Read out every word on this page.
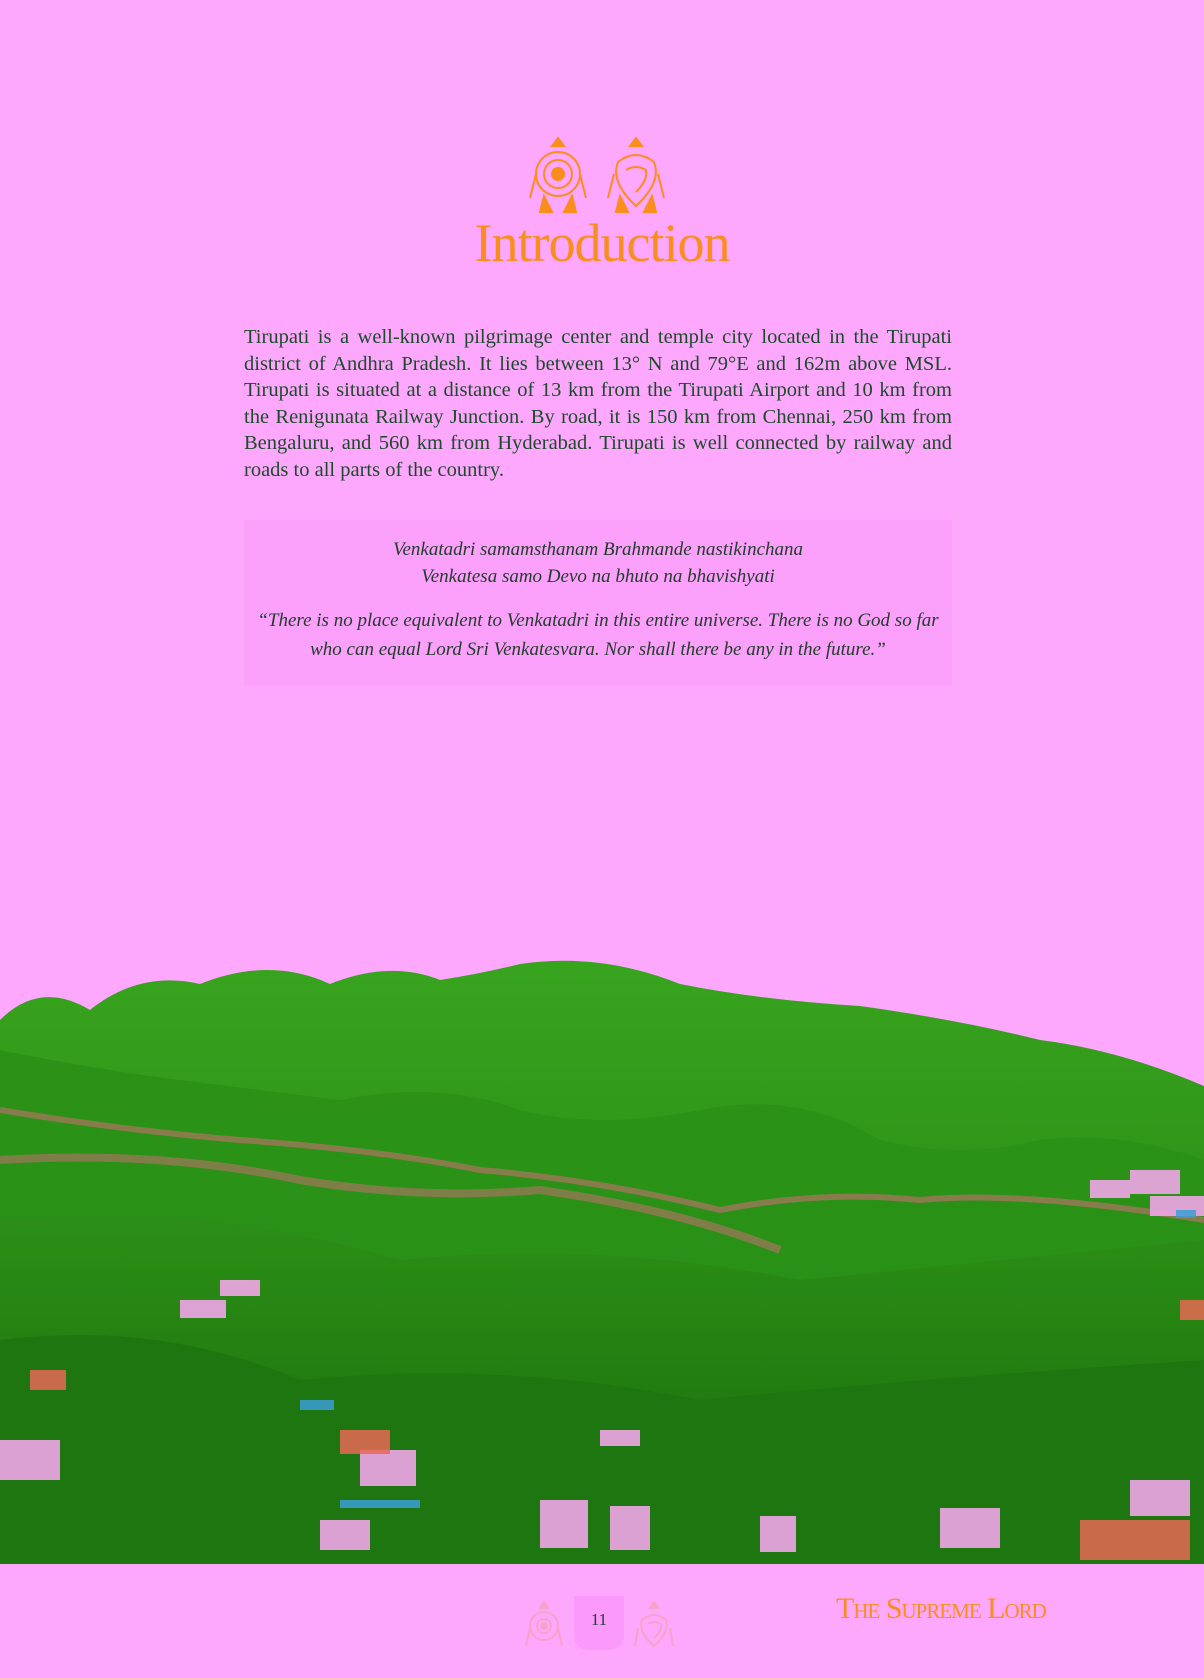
Introduction

Tirupati is a well-known pilgrimage center and temple city located in the Tirupati district of Andhra Pradesh. It lies between 13° N and 79°E and 162m above MSL. Tirupati is situated at a distance of 13 km from the Tirupati Airport and 10 km from the Renigunata Railway Junction. By road, it is 150 km from Chennai, 250 km from Bengaluru, and 560 km from Hyderabad. Tirupati is well connected by railway and roads to all parts of the country.

Venkatadri samamsthanam Brahmande nastikinchana
Venkatesa samo Devo na bhuto na bhavishyati

“There is no place equivalent to Venkatadri in this entire universe. There is no God so far who can equal Lord Sri Venkatesvara. Nor shall there be any in the future.”

11	The Supreme Lord
